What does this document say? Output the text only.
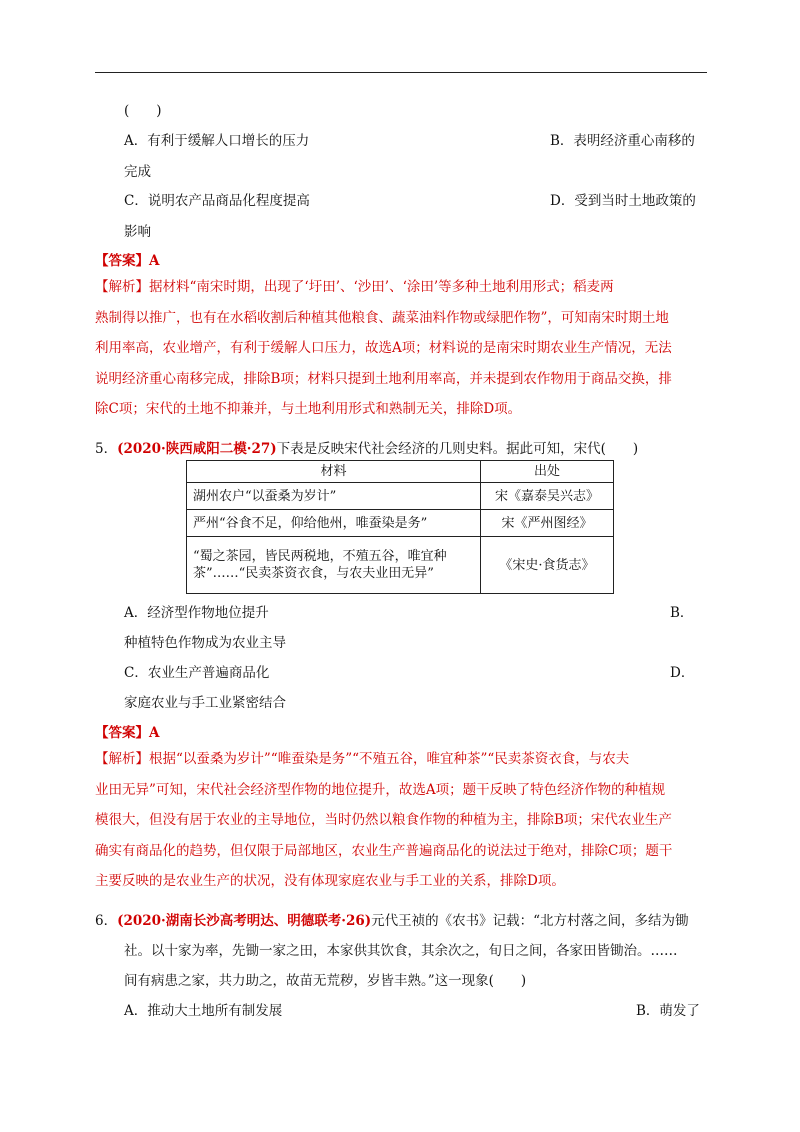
(　　)
A．有利于缓解人口增长的压力	B．表明经济重心南移的
完成
C．说明农产品商品化程度提高	D．受到当时土地政策的
影响
【答案】A
【解析】据材料“南宋时期，出现了‘圩田’、‘沙田’、‘涂田’等多种土地利用形式；稻麦两
熟制得以推广，也有在水稻收割后种植其他粮食、蔬菜油料作物或绿肥作物”，可知南宋时期土地
利用率高，农业增产，有利于缓解人口压力，故选A项；材料说的是南宋时期农业生产情况，无法
说明经济重心南移完成，排除B项；材料只提到土地利用率高，并未提到农作物用于商品交换，排
除C项；宋代的土地不抑兼并，与土地利用形式和熟制无关，排除D项。
5．(2020·陕西咸阳二模·27)下表是反映宋代社会经济的几则史料。据此可知，宋代(　　)
材料	出处
湖州农户“以蚕桑为岁计”	宋《嘉泰吴兴志》
严州“谷食不足，仰给他州，唯蚕染是务”	宋《严州图经》
“蜀之茶园，皆民两税地，不殖五谷，唯宜种茶”……“民卖茶资衣食，与农夫业田无异”	《宋史·食货志》
A．经济型作物地位提升	B．
种植特色作物成为农业主导
C．农业生产普遍商品化	D．
家庭农业与手工业紧密结合
【答案】A
【解析】根据“以蚕桑为岁计”“唯蚕染是务”“不殖五谷，唯宜种茶”“民卖茶资衣食，与农夫
业田无异”可知，宋代社会经济型作物的地位提升，故选A项；题干反映了特色经济作物的种植规
模很大，但没有居于农业的主导地位，当时仍然以粮食作物的种植为主，排除B项；宋代农业生产
确实有商品化的趋势，但仅限于局部地区，农业生产普遍商品化的说法过于绝对，排除C项；题干
主要反映的是农业生产的状况，没有体现家庭农业与手工业的关系，排除D项。
6．(2020·湖南长沙高考明达、明德联考·26)元代王祯的《农书》记载：“北方村落之间，多结为锄
社。以十家为率，先锄一家之田，本家供其饮食，其余次之，旬日之间，各家田皆锄治。……
间有病患之家，共力助之，故苗无荒秽，岁皆丰熟。”这一现象(　　)
A．推动大土地所有制发展	B．萌发了
